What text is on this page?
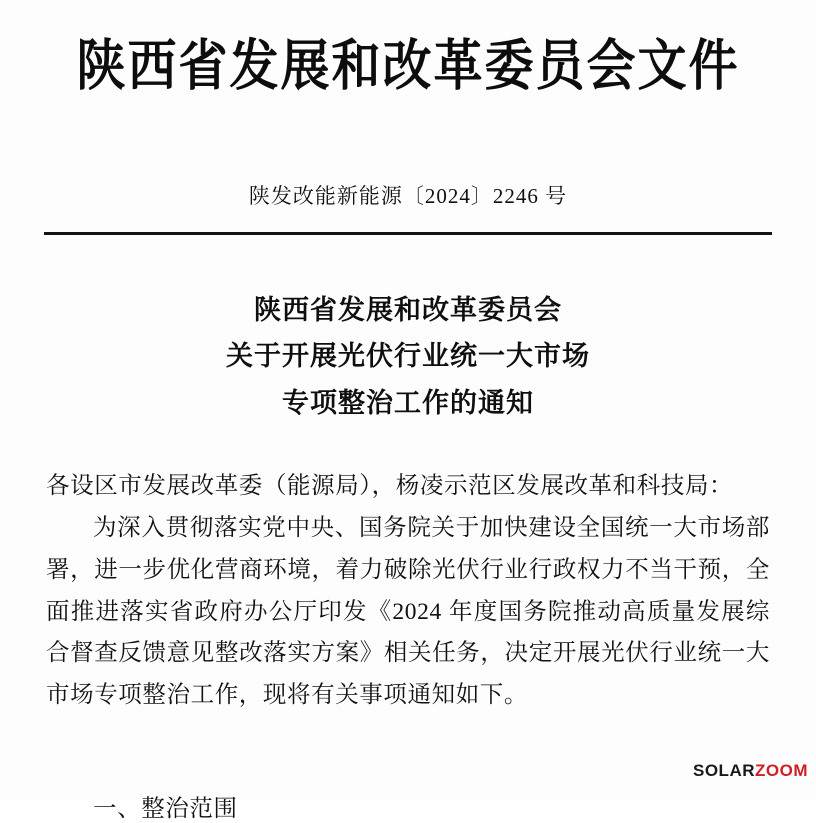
陕西省发展和改革委员会文件
陕发改能新能源〔2024〕2246 号
陕西省发展和改革委员会
关于开展光伏行业统一大市场
专项整治工作的通知

各设区市发展改革委（能源局），杨凌示范区发展改革和科技局：

为深入贯彻落实党中央、国务院关于加快建设全国统一大市场部署，进一步优化营商环境，着力破除光伏行业行政权力不当干预，全面推进落实省政府办公厅印发《2024 年度国务院推动高质量发展综合督查反馈意见整改落实方案》相关任务，决定开展光伏行业统一大市场专项整治工作，现将有关事项通知如下。

一、整治范围
SOLARZOOM
